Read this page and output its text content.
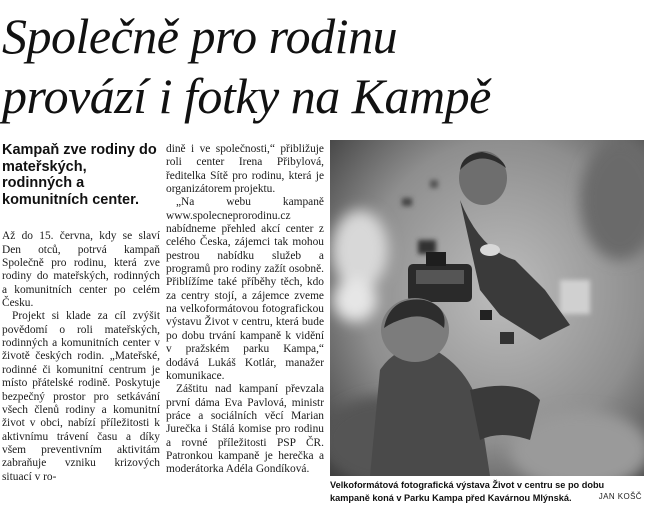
Společně pro rodinu
provází i fotky na Kampě

Kampaň zve rodiny do mateřských, rodinných a komunitních center.

Až do 15. června, kdy se slaví Den otců, potrvá kampaň Společně pro rodinu, která zve rodiny do mateřských, rodinných a komunitních center po celém Česku.

Projekt si klade za cíl zvýšit povědomí o roli mateřských, rodinných a komunitních center v životě českých rodin. „Mateřské, rodinné či komunitní centrum je místo přátelské rodině. Poskytuje bezpečný prostor pro setkávání všech členů rodiny a komunitní život v obci, nabízí příležitosti k aktivnímu trávení času a díky všem preventivním aktivitám zabraňuje vzniku krizových situací v ro-

dině i ve společnosti,“ přibližuje roli center Irena Přibylová, ředitelka Sítě pro rodinu, která je organizátorem projektu.

„Na webu kampaně www.spolecneprorodinu.cz nabídneme přehled akcí center z celého Česka, zájemci tak mohou pestrou nabídku služeb a programů pro rodiny zažít osobně. Přiblížíme také příběhy těch, kdo za centry stojí, a zájemce zveme na velkoformátovou fotografickou výstavu Život v centru, která bude po dobu trvání kampaně k vidění v pražském parku Kampa,“ dodává Lukáš Kotlár, manažer komunikace.

Záštitu nad kampaní převzala první dáma Eva Pavlová, ministr práce a sociálních věcí Marian Jurečka i Stálá komise pro rodinu a rovné příležitosti PSP ČR. Patronkou kampaně je herečka a moderátorka Adéla Gondíková.

Velkoformátová fotografická výstava Život v centru se po dobu kampaně koná v Parku Kampa před Kavárnou Mlýnská.	JAN KOŠČ
